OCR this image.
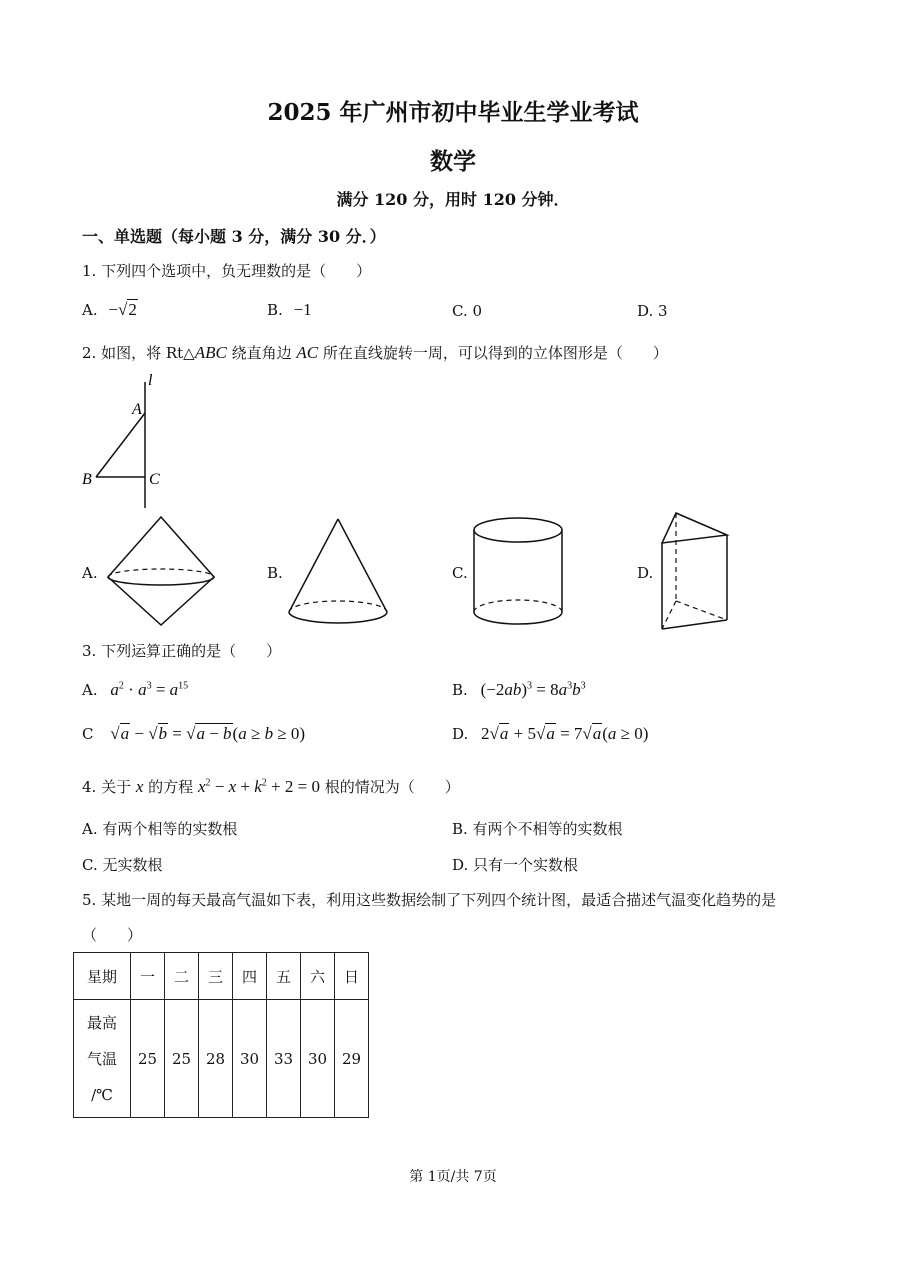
2025 年广州市初中毕业生学业考试
数学
满分 120 分，用时 120 分钟．
一、单选题（每小题 3 分，满分 30 分．）
1. 下列四个选项中，负无理数的是（　　）
A. −√2	B. −1	C. 0	D. 3
2. 如图，将 Rt△ABC 绕直角边 AC 所在直线旋转一周，可以得到的立体图形是（　　）
l
A
B	C
A.	B.	C.	D.
3. 下列运算正确的是（　　）
A. $a^2 \cdot a^3 = a^{15}$	B. $(-2ab)^3 = 8a^3b^3$
C √a − √b = √a − b(a ≥ b ≥ 0)	D. 2√a + 5√a = 7√a(a ≥ 0)
4. 关于 x 的方程 $x^2 - x + k^2 + 2 = 0$ 根的情况为（　　）
A. 有两个相等的实数根	B. 有两个不相等的实数根
C. 无实数根	D. 只有一个实数根
5. 某地一周的每天最高气温如下表，利用这些数据绘制了下列四个统计图，最适合描述气温变化趋势的是
（　　）
星期	一	二	三	四	五	六	日

最高
气温
/℃	25	25	28	30	33	30	29
第 1页/共 7页
